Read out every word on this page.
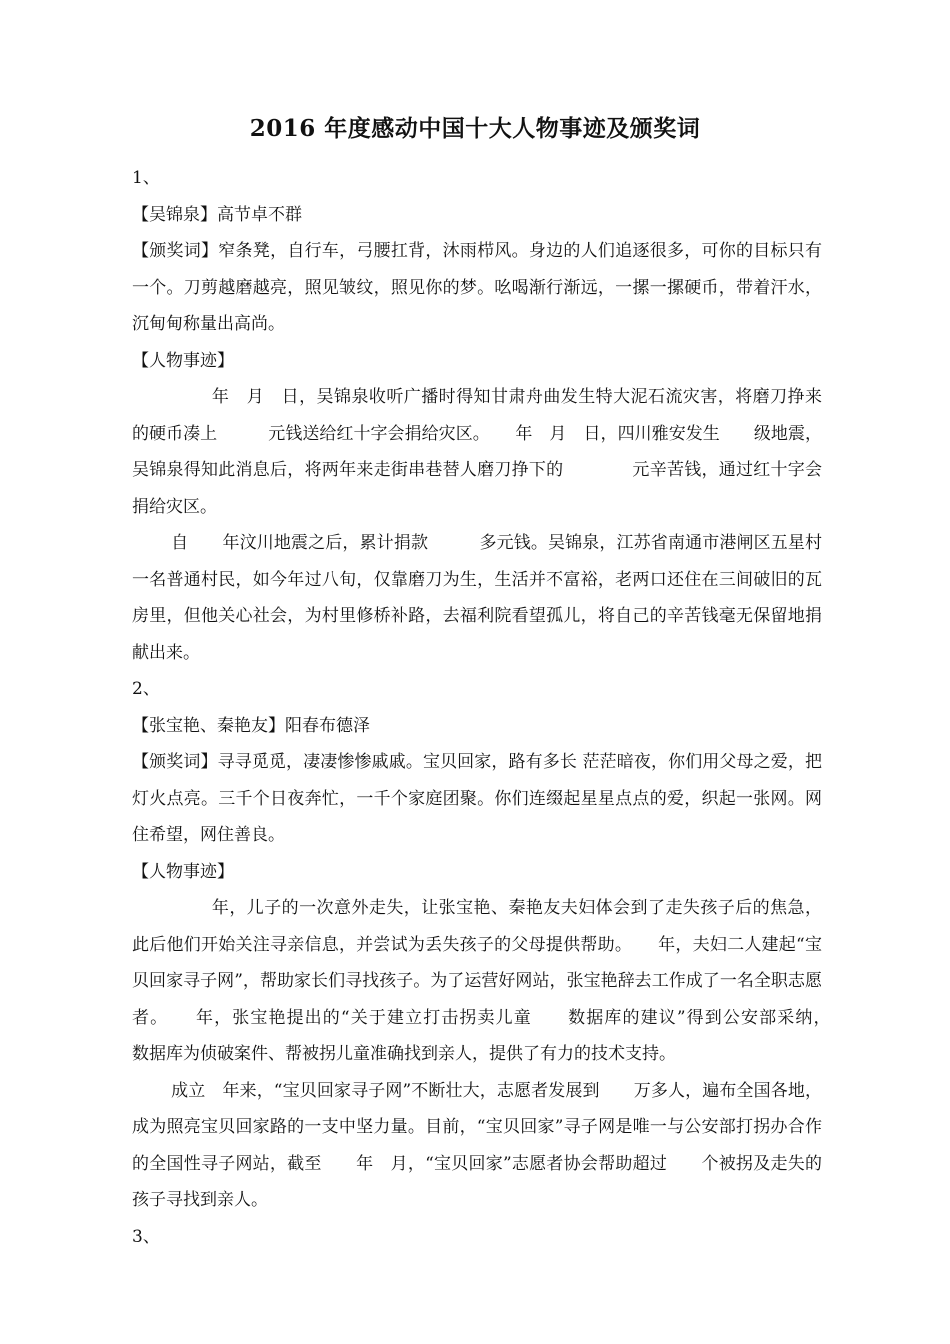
2016 年度感动中国十大人物事迹及颁奖词

1、

【吴锦泉】高节卓不群

【颁奖词】窄条凳，自行车，弓腰扛背，沐雨栉风。身边的人们追逐很多，可你的目标只有一个。刀剪越磨越亮，照见皱纹，照见你的梦。吆喝渐行渐远，一摞一摞硬币，带着汗水，沉甸甸称量出高尚。

【人物事迹】

年　月　日，吴锦泉收听广播时得知甘肃舟曲发生特大泥石流灾害，将磨刀挣来的硬币凑上　　　元钱送给红十字会捐给灾区。　　年　月　日，四川雅安发生　　级地震，吴锦泉得知此消息后，将两年来走街串巷替人磨刀挣下的　　　　元辛苦钱，通过红十字会捐给灾区。

自　　年汶川地震之后，累计捐款　　　多元钱。吴锦泉，江苏省南通市港闸区五星村一名普通村民，如今年过八旬，仅靠磨刀为生，生活并不富裕，老两口还住在三间破旧的瓦房里，但他关心社会，为村里修桥补路，去福利院看望孤儿，将自己的辛苦钱毫无保留地捐献出来。

2、

【张宝艳、秦艳友】阳春布德泽

【颁奖词】寻寻觅觅，凄凄惨惨戚戚。宝贝回家，路有多长 茫茫暗夜，你们用父母之爱，把灯火点亮。三千个日夜奔忙，一千个家庭团聚。你们连缀起星星点点的爱，织起一张网。网住希望，网住善良。

【人物事迹】

年，儿子的一次意外走失，让张宝艳、秦艳友夫妇体会到了走失孩子后的焦急，此后他们开始关注寻亲信息，并尝试为丢失孩子的父母提供帮助。　　年，夫妇二人建起“宝贝回家寻子网”，帮助家长们寻找孩子。为了运营好网站，张宝艳辞去工作成了一名全职志愿者。　　年，张宝艳提出的“关于建立打击拐卖儿童　　数据库的建议”得到公安部采纳，　　数据库为侦破案件、帮被拐儿童准确找到亲人，提供了有力的技术支持。

成立　年来，“宝贝回家寻子网”不断壮大，志愿者发展到　　万多人，遍布全国各地，成为照亮宝贝回家路的一支中坚力量。目前，“宝贝回家”寻子网是唯一与公安部打拐办合作的全国性寻子网站，截至　　年　月，“宝贝回家”志愿者协会帮助超过　　个被拐及走失的孩子寻找到亲人。

3、
